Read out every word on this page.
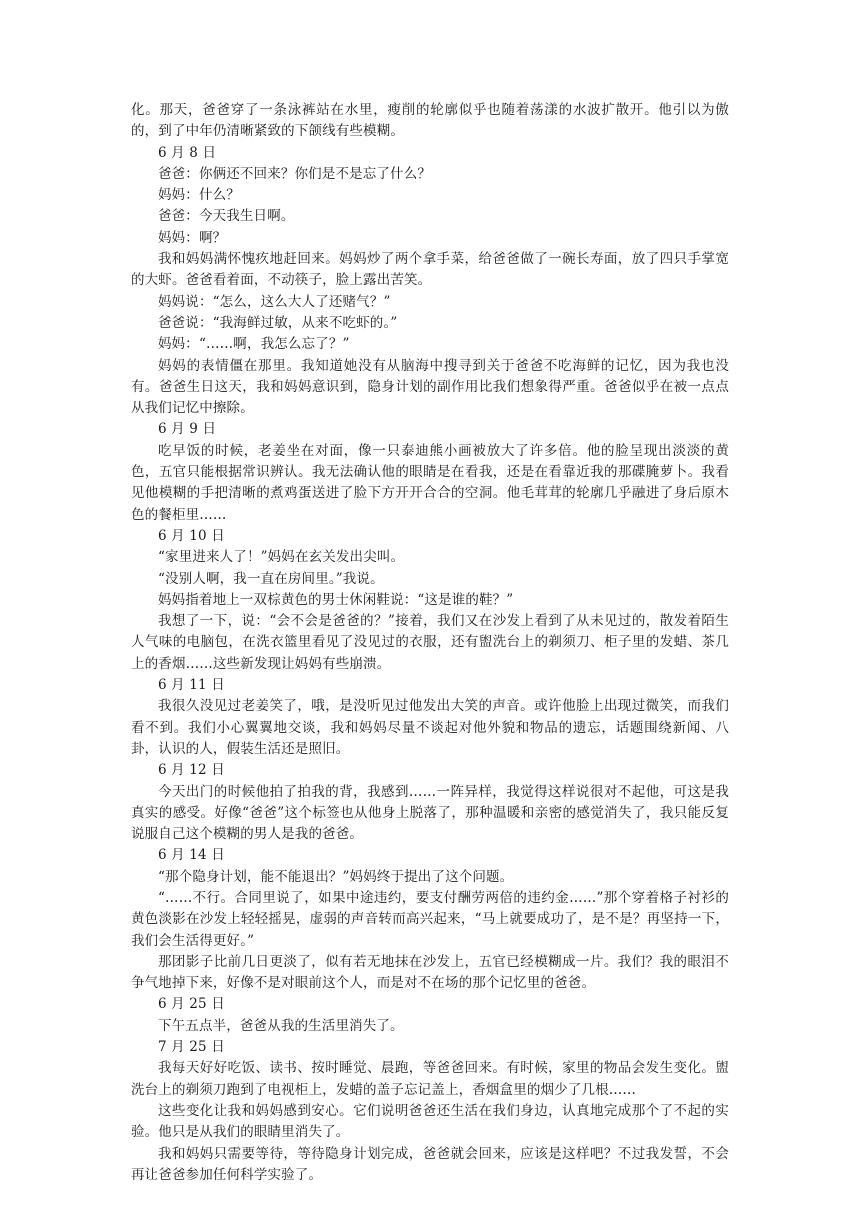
化。那天，爸爸穿了一条泳裤站在水里，瘦削的轮廓似乎也随着荡漾的水波扩散开。他引以为傲的，到了中年仍清晰紧致的下颌线有些模糊。

6 月 8 日

爸爸：你俩还不回来？你们是不是忘了什么？

妈妈：什么？

爸爸：今天我生日啊。

妈妈：啊？

我和妈妈满怀愧疚地赶回来。妈妈炒了两个拿手菜，给爸爸做了一碗长寿面，放了四只手掌宽的大虾。爸爸看着面，不动筷子，脸上露出苦笑。

妈妈说：“怎么，这么大人了还赌气？”

爸爸说：“我海鲜过敏，从来不吃虾的。”

妈妈：“……啊，我怎么忘了？”

妈妈的表情僵在那里。我知道她没有从脑海中搜寻到关于爸爸不吃海鲜的记忆，因为我也没有。爸爸生日这天，我和妈妈意识到，隐身计划的副作用比我们想象得严重。爸爸似乎在被一点点从我们记忆中擦除。

6 月 9 日

吃早饭的时候，老姜坐在对面，像一只泰迪熊小画被放大了许多倍。他的脸呈现出淡淡的黄色，五官只能根据常识辨认。我无法确认他的眼睛是在看我，还是在看靠近我的那碟腌萝卜。我看见他模糊的手把清晰的煮鸡蛋送进了脸下方开开合合的空洞。他毛茸茸的轮廓几乎融进了身后原木色的餐柜里……

6 月 10 日

“家里进来人了！”妈妈在玄关发出尖叫。

“没别人啊，我一直在房间里。”我说。

妈妈指着地上一双棕黄色的男士休闲鞋说：“这是谁的鞋？”

我想了一下，说：“会不会是爸爸的？”接着，我们又在沙发上看到了从未见过的，散发着陌生人气味的电脑包，在洗衣篮里看见了没见过的衣服，还有盥洗台上的剃须刀、柜子里的发蜡、茶几上的香烟……这些新发现让妈妈有些崩溃。

6 月 11 日

我很久没见过老姜笑了，哦，是没听见过他发出大笑的声音。或许他脸上出现过微笑，而我们看不到。我们小心翼翼地交谈，我和妈妈尽量不谈起对他外貌和物品的遗忘，话题围绕新闻、八卦，认识的人，假装生活还是照旧。

6 月 12 日

今天出门的时候他拍了拍我的背，我感到……一阵异样，我觉得这样说很对不起他，可这是我真实的感受。好像“爸爸”这个标签也从他身上脱落了，那种温暖和亲密的感觉消失了，我只能反复说服自己这个模糊的男人是我的爸爸。

6 月 14 日

“那个隐身计划，能不能退出？”妈妈终于提出了这个问题。

“……不行。合同里说了，如果中途违约，要支付酬劳两倍的违约金……”那个穿着格子衬衫的黄色淡影在沙发上轻轻摇晃，虚弱的声音转而高兴起来，“马上就要成功了，是不是？再坚持一下，我们会生活得更好。”

那团影子比前几日更淡了，似有若无地抹在沙发上，五官已经模糊成一片。我们？我的眼泪不争气地掉下来，好像不是对眼前这个人，而是对不在场的那个记忆里的爸爸。

6 月 25 日

下午五点半，爸爸从我的生活里消失了。

7 月 25 日

我每天好好吃饭、读书、按时睡觉、晨跑，等爸爸回来。有时候，家里的物品会发生变化。盥洗台上的剃须刀跑到了电视柜上，发蜡的盖子忘记盖上，香烟盒里的烟少了几根……

这些变化让我和妈妈感到安心。它们说明爸爸还生活在我们身边，认真地完成那个了不起的实验。他只是从我们的眼睛里消失了。

我和妈妈只需要等待，等待隐身计划完成，爸爸就会回来，应该是这样吧？不过我发誓，不会再让爸爸参加任何科学实验了。
